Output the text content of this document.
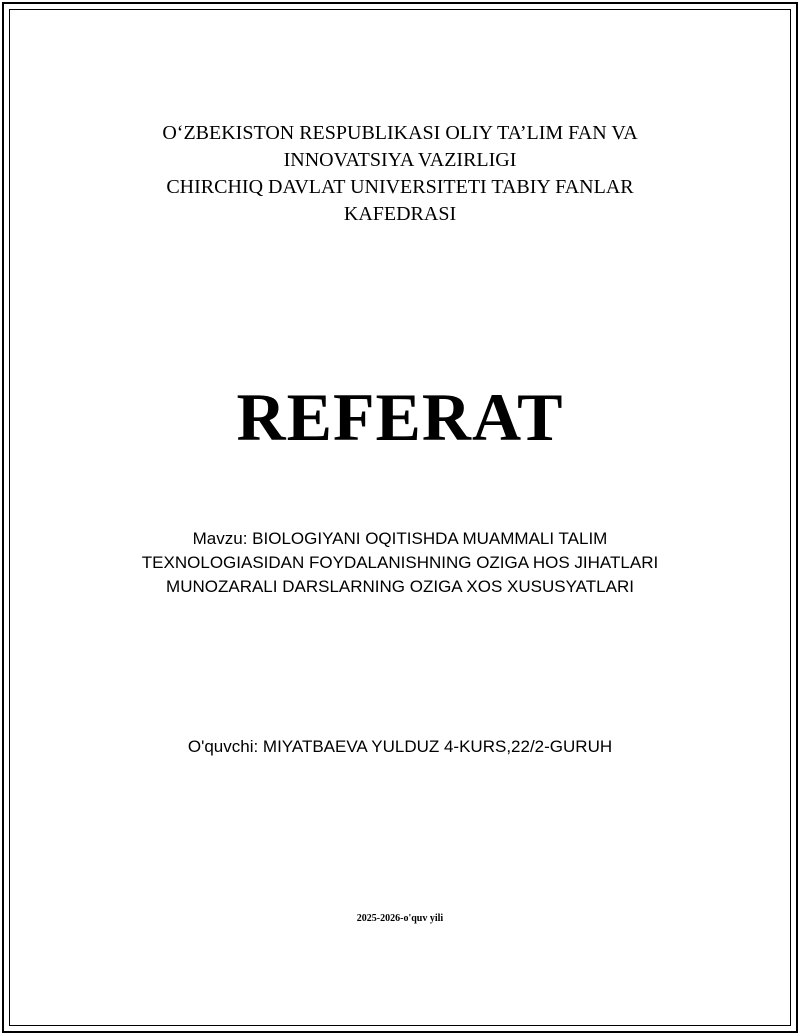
O‘ZBEKISTON RESPUBLIKASI OLIY TA’LIM FAN VA
INNOVATSIYA VAZIRLIGI
CHIRCHIQ DAVLAT UNIVERSITETI TABIY FANLAR
KAFEDRASI
REFERAT
Mavzu: BIOLOGIYANI OQITISHDA MUAMMALI TALIM
TEXNOLOGIASIDAN FOYDALANISHNING OZIGA HOS JIHATLARI
MUNOZARALI DARSLARNING OZIGA XOS XUSUSYATLARI
O'quvchi: MIYATBAEVA YULDUZ 4-KURS,22/2-GURUH
2025-2026-o'quv yili
